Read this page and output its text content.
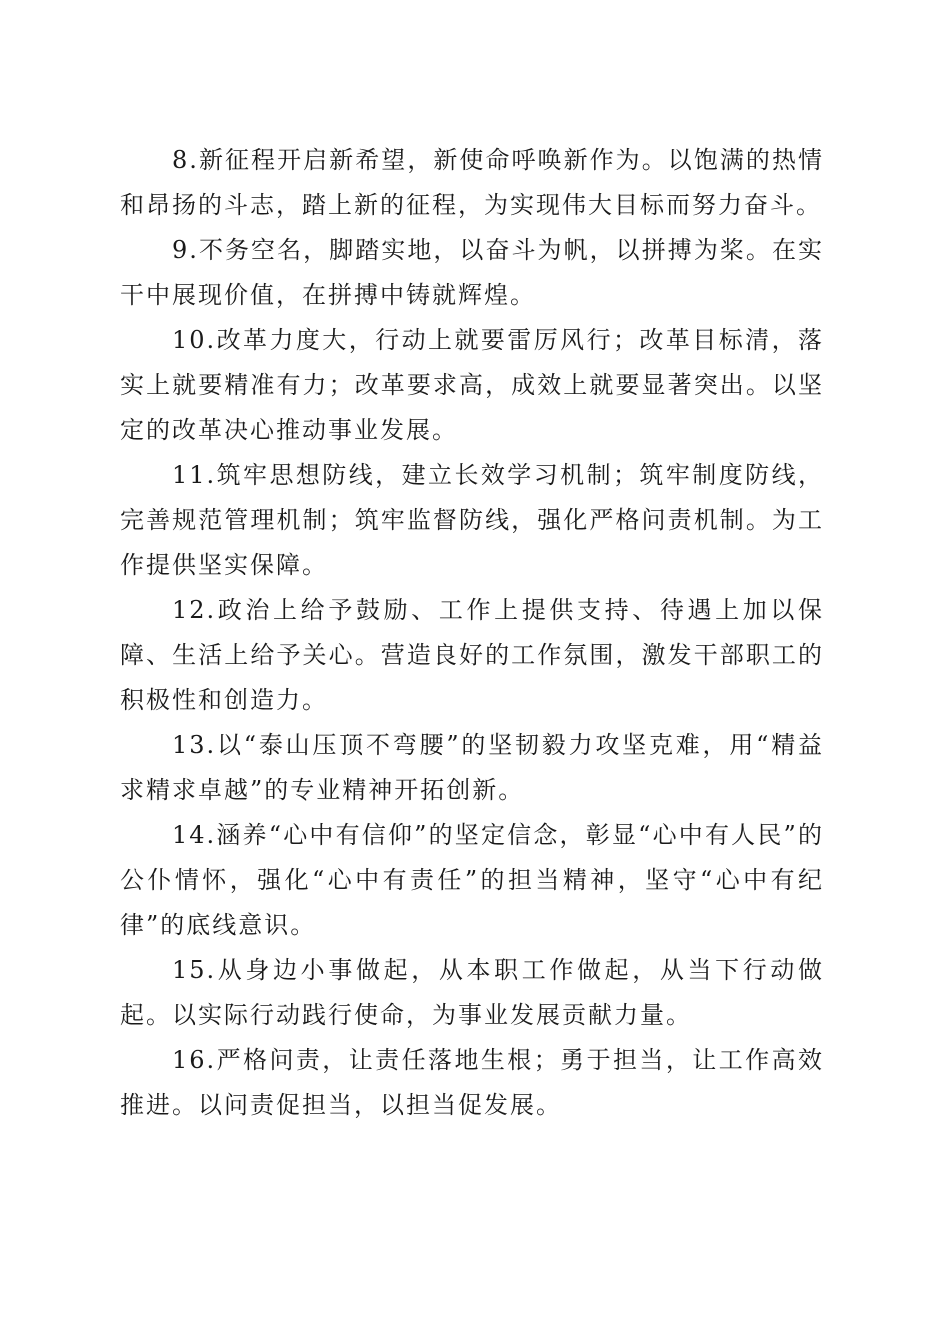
8.新征程开启新希望，新使命呼唤新作为。以饱满的热情和昂扬的斗志，踏上新的征程，为实现伟大目标而努力奋斗。

9.不务空名，脚踏实地，以奋斗为帆，以拼搏为桨。在实干中展现价值，在拼搏中铸就辉煌。

10.改革力度大，行动上就要雷厉风行；改革目标清，落实上就要精准有力；改革要求高，成效上就要显著突出。以坚定的改革决心推动事业发展。

11.筑牢思想防线，建立长效学习机制；筑牢制度防线，完善规范管理机制；筑牢监督防线，强化严格问责机制。为工作提供坚实保障。

12.政治上给予鼓励、工作上提供支持、待遇上加以保障、生活上给予关心。营造良好的工作氛围，激发干部职工的积极性和创造力。

13.以“泰山压顶不弯腰”的坚韧毅力攻坚克难，用“精益求精求卓越”的专业精神开拓创新。

14.涵养“心中有信仰”的坚定信念，彰显“心中有人民”的公仆情怀，强化“心中有责任”的担当精神，坚守“心中有纪律”的底线意识。

15.从身边小事做起，从本职工作做起，从当下行动做起。以实际行动践行使命，为事业发展贡献力量。

16.严格问责，让责任落地生根；勇于担当，让工作高效推进。以问责促担当，以担当促发展。
